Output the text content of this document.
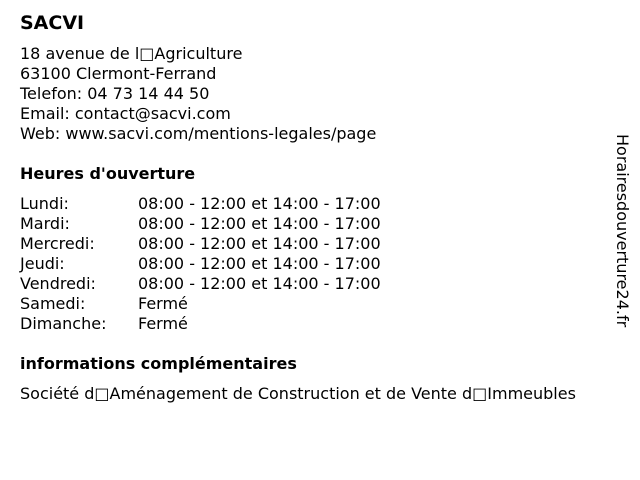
SACVI
18 avenue de l□Agriculture
63100 Clermont-Ferrand
Telefon: 04 73 14 44 50
Email: contact@sacvi.com
Web: www.sacvi.com/mentions-legales/page
Heures d'ouverture
Lundi:	08:00 - 12:00 et 14:00 - 17:00
Mardi:	08:00 - 12:00 et 14:00 - 17:00
Mercredi:	08:00 - 12:00 et 14:00 - 17:00
Jeudi:	08:00 - 12:00 et 14:00 - 17:00
Vendredi:	08:00 - 12:00 et 14:00 - 17:00
Samedi:	Fermé
Dimanche:	Fermé
informations complémentaires
Société d□Aménagement de Construction et de Vente d□Immeubles
Horairesdouverture24.fr
